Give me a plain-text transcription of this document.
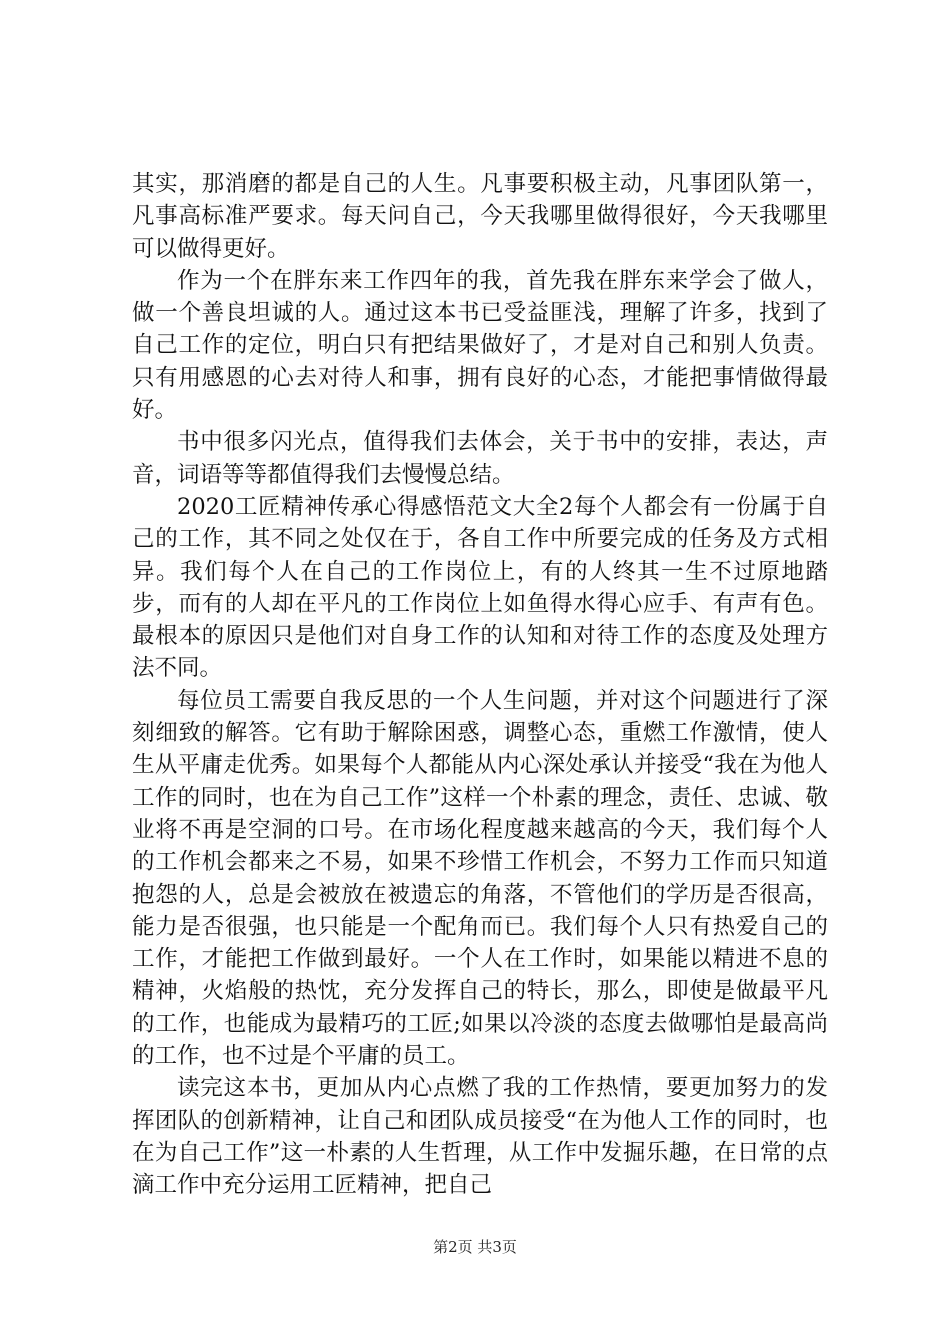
其实，那消磨的都是自己的人生。凡事要积极主动，凡事团队第一，凡事高标准严要求。每天问自己，今天我哪里做得很好，今天我哪里可以做得更好。

作为一个在胖东来工作四年的我，首先我在胖东来学会了做人，做一个善良坦诚的人。通过这本书已受益匪浅，理解了许多，找到了自己工作的定位，明白只有把结果做好了，才是对自己和别人负责。只有用感恩的心去对待人和事，拥有良好的心态，才能把事情做得最好。

书中很多闪光点，值得我们去体会，关于书中的安排，表达，声音，词语等等都值得我们去慢慢总结。

2020工匠精神传承心得感悟范文大全2每个人都会有一份属于自己的工作，其不同之处仅在于，各自工作中所要完成的任务及方式相异。我们每个人在自己的工作岗位上，有的人终其一生不过原地踏步，而有的人却在平凡的工作岗位上如鱼得水得心应手、有声有色。最根本的原因只是他们对自身工作的认知和对待工作的态度及处理方法不同。

每位员工需要自我反思的一个人生问题，并对这个问题进行了深刻细致的解答。它有助于解除困惑，调整心态，重燃工作激情，使人生从平庸走优秀。如果每个人都能从内心深处承认并接受“我在为他人工作的同时，也在为自己工作”这样一个朴素的理念，责任、忠诚、敬业将不再是空洞的口号。在市场化程度越来越高的今天，我们每个人的工作机会都来之不易，如果不珍惜工作机会，不努力工作而只知道抱怨的人，总是会被放在被遗忘的角落，不管他们的学历是否很高，能力是否很强，也只能是一个配角而已。我们每个人只有热爱自己的工作，才能把工作做到最好。一个人在工作时，如果能以精进不息的精神，火焰般的热忱，充分发挥自己的特长，那么，即使是做最平凡的工作，也能成为最精巧的工匠;如果以冷淡的态度去做哪怕是最高尚的工作，也不过是个平庸的员工。

读完这本书，更加从内心点燃了我的工作热情，要更加努力的发挥团队的创新精神，让自己和团队成员接受“在为他人工作的同时，也在为自己工作”这一朴素的人生哲理，从工作中发掘乐趣，在日常的点滴工作中充分运用工匠精神，把自己

第2页 共3页
